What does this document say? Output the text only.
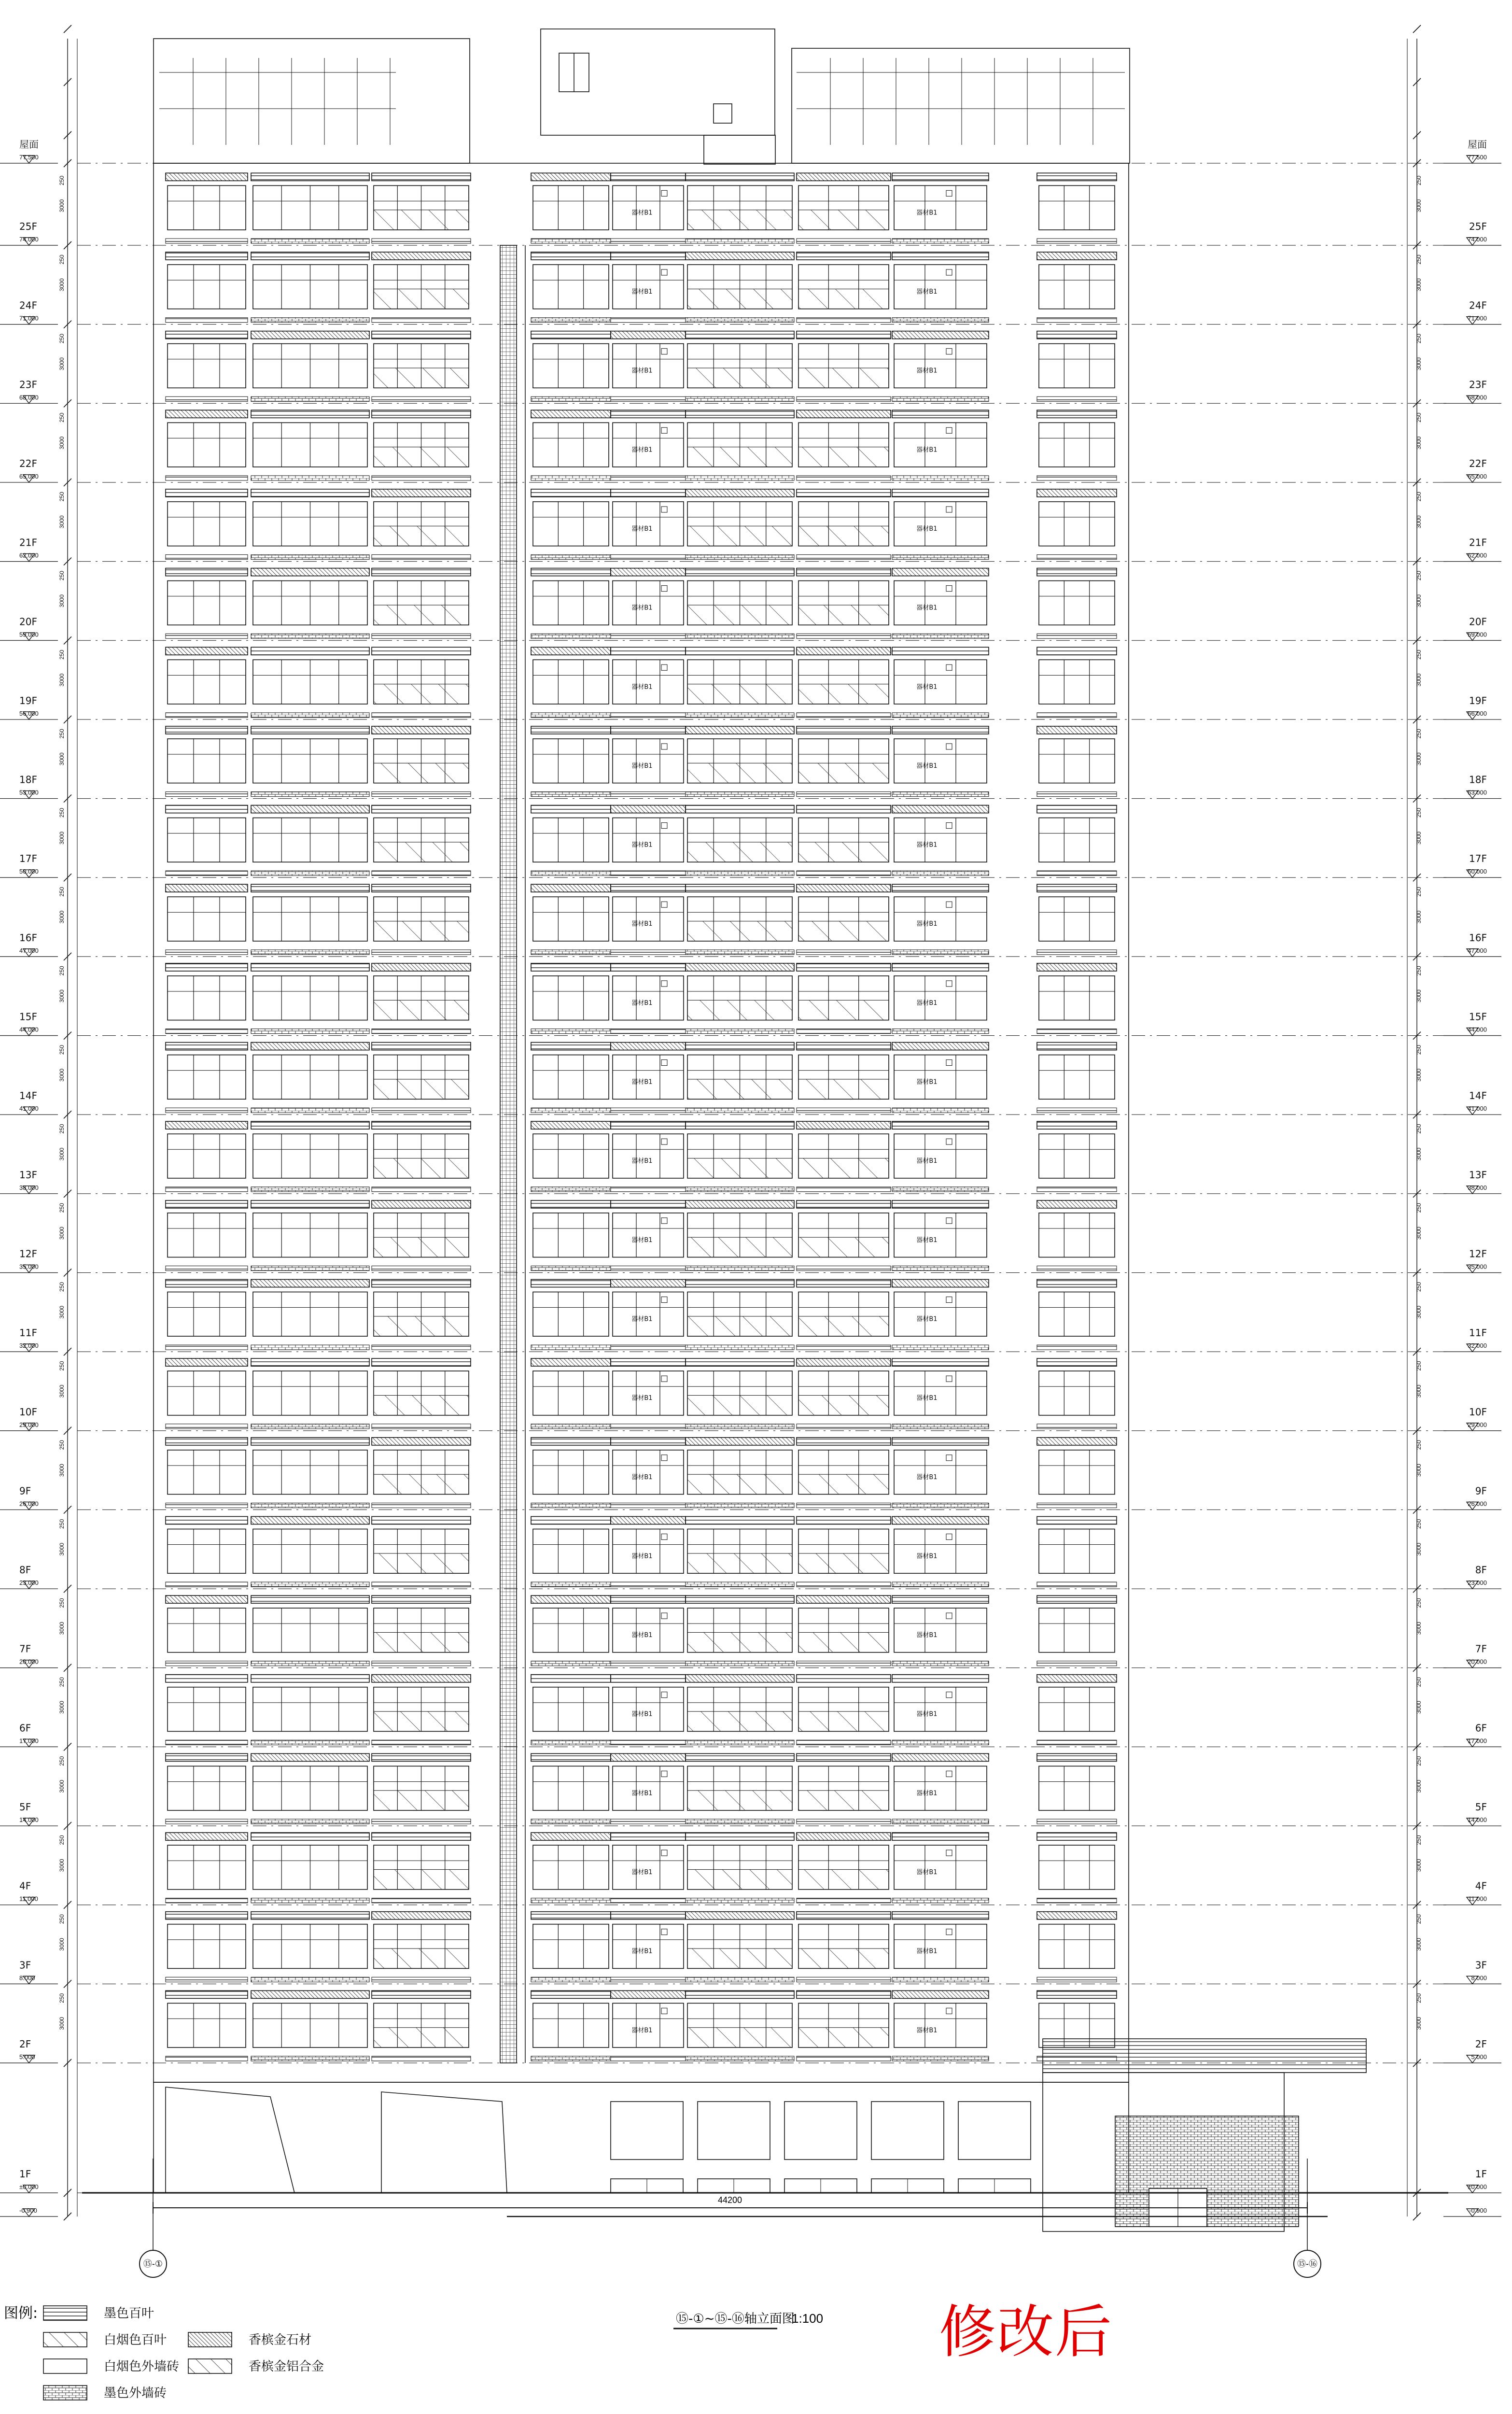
器材B1	器材B1
器材B1	器材B1
器材B1	器材B1
器材B1	器材B1
器材B1	器材B1
器材B1	器材B1
器材B1	器材B1
器材B1	器材B1
器材B1	器材B1
器材B1	器材B1
器材B1	器材B1
器材B1	器材B1
器材B1	器材B1
器材B1	器材B1
器材B1	器材B1
器材B1	器材B1
器材B1	器材B1
器材B1	器材B1
器材B1	器材B1
器材B1	器材B1
器材B1	器材B1
器材B1	器材B1
器材B1	器材B1
器材B1	器材B1
3000
250
3000
250
3000
250
3000
250
3000
250
3000
250
3000
250
3000
250
3000
250
3000
250
3000
250
3000
250
3000
250
3000
250
3000
250
3000
250
3000
250
3000
250
3000
250
3000
250
3000
250
3000
250
3000
250
3000
250
3000
250
3000
250
3000
250
3000
250
3000
250
3000
250
3000
250
3000
250
3000
250
3000
250
3000
250
3000
250
3000
250
3000
250
3000
250
3000
250
3000
250
3000
250
3000
250
3000
250
3000
250
3000
250
3000
250
3000
250
屋面
77.500
屋面
77.500
25F
74.000
25F
74.000
24F
71.000
24F
71.000
23F
68.000
23F
68.000
22F
65.000
22F
65.000
21F
62.000
21F
62.000
20F
59.000
20F
59.000
19F
56.000
19F
56.000
18F
53.000
18F
53.000
17F
50.000
17F
50.000
16F
47.000
16F
47.000
15F
44.000
15F
44.000
14F
41.000
14F
41.000
13F
38.000
13F
38.000
12F
35.000
12F
35.000
11F
32.000
11F
32.000
10F
29.000
10F
29.000
9F
26.000
9F
26.000
8F
23.000
8F
23.000
7F
20.000
7F
20.000
6F
17.000
6F
17.000
5F
14.000
5F
14.000
4F
11.000
4F
11.000
3F
8.000
3F
8.000
2F
5.000
2F
5.000
1F
±0.000
1F
±0.000
-0.900	-0.900
44200
⑮-①	⑮-⑯
⑮-①~⑮-⑯轴立面图
1:100
图例:	墨色百叶
白烟色百叶
白烟色外墙砖
墨色外墙砖
香槟金石材
香槟金铝合金
修改后
